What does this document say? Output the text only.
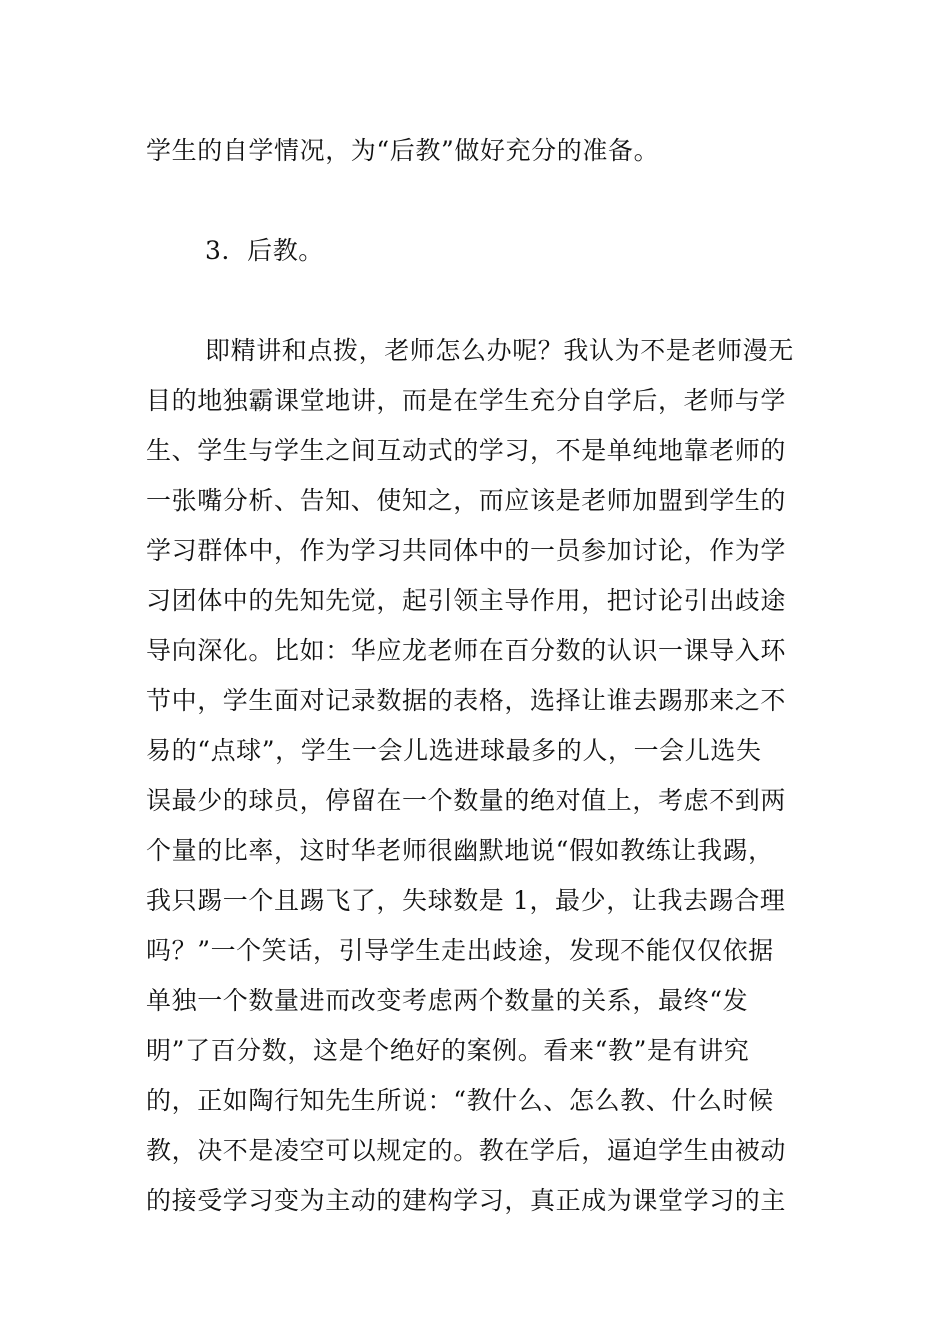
学生的自学情况，为“后教”做好充分的准备。
3．后教。
即精讲和点拨，老师怎么办呢？我认为不是老师漫无
目的地独霸课堂地讲，而是在学生充分自学后，老师与学
生、学生与学生之间互动式的学习，不是单纯地靠老师的
一张嘴分析、告知、使知之，而应该是老师加盟到学生的
学习群体中，作为学习共同体中的一员参加讨论，作为学
习团体中的先知先觉，起引领主导作用，把讨论引出歧途
导向深化。比如：华应龙老师在百分数的认识一课导入环
节中，学生面对记录数据的表格，选择让谁去踢那来之不
易的“点球”，学生一会儿选进球最多的人，一会儿选失
误最少的球员，停留在一个数量的绝对值上，考虑不到两
个量的比率，这时华老师很幽默地说“假如教练让我踢，
我只踢一个且踢飞了，失球数是 1，最少，让我去踢合理
吗？”一个笑话，引导学生走出歧途，发现不能仅仅依据
单独一个数量进而改变考虑两个数量的关系，最终“发
明”了百分数，这是个绝好的案例。看来“教”是有讲究
的，正如陶行知先生所说：“教什么、怎么教、什么时候
教，决不是凌空可以规定的。教在学后，逼迫学生由被动
的接受学习变为主动的建构学习，真正成为课堂学习的主
